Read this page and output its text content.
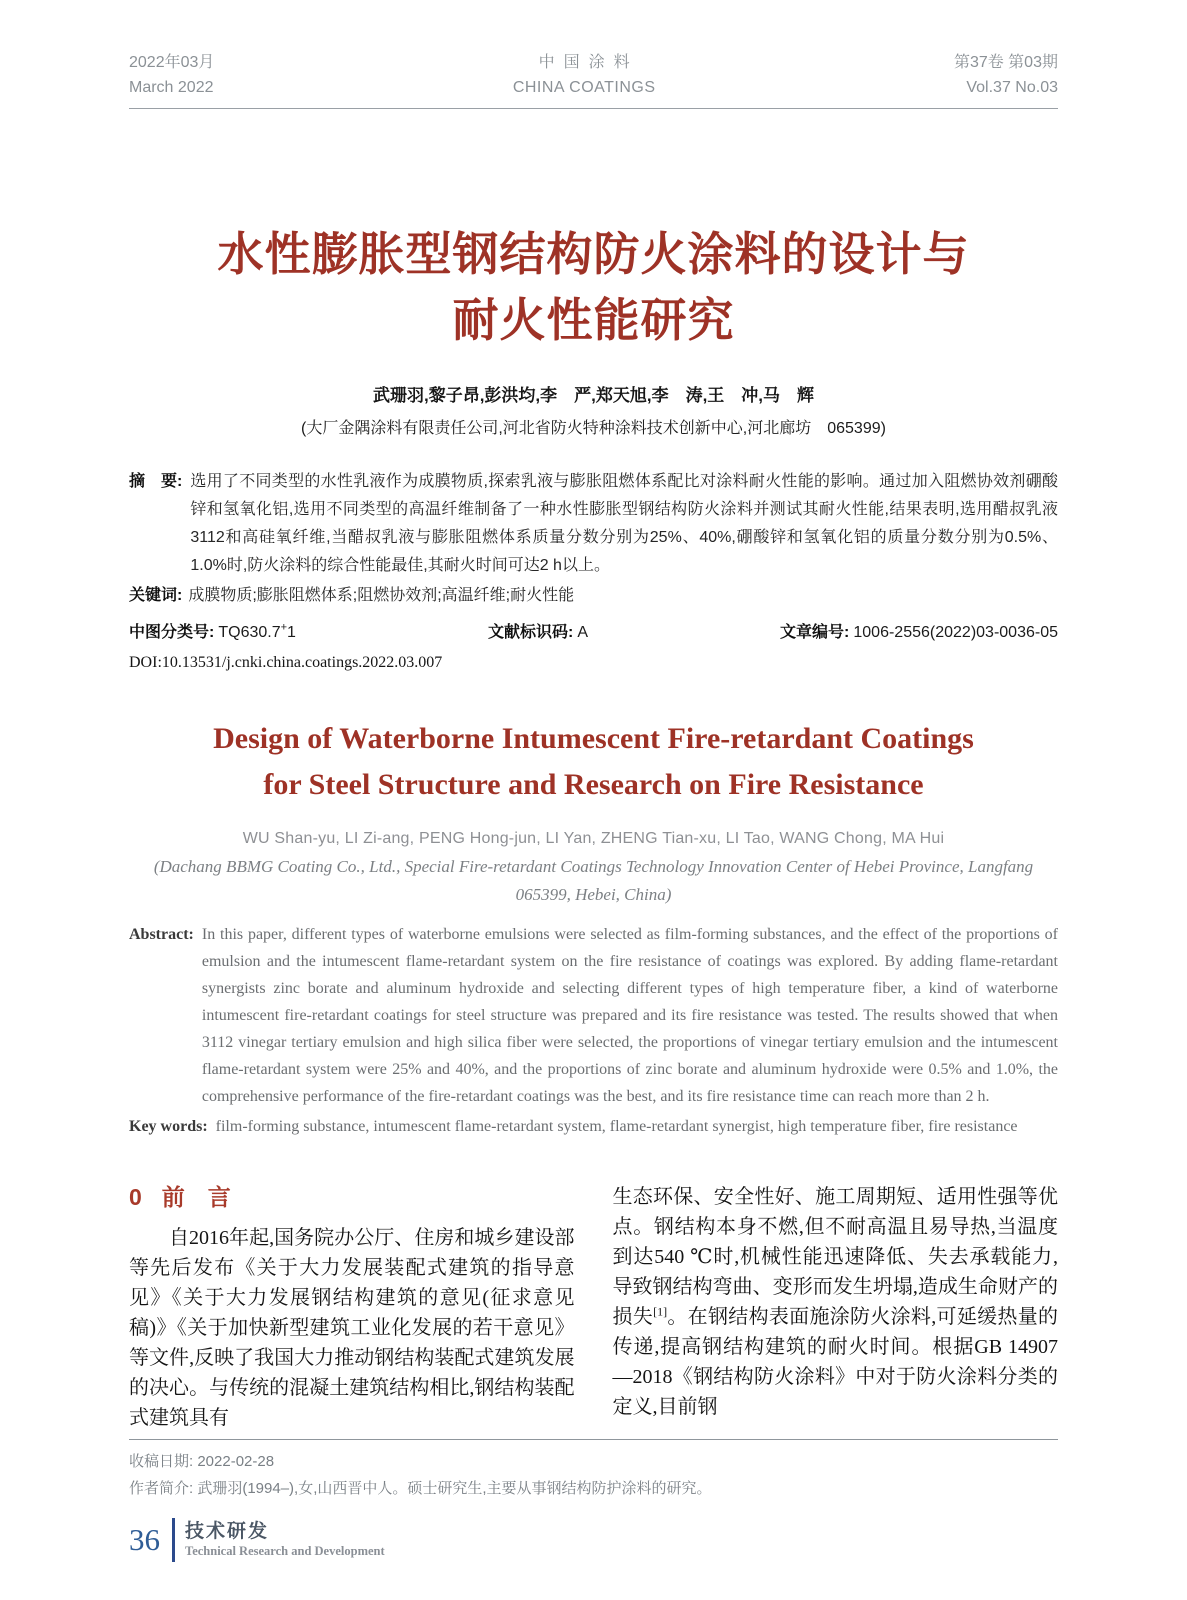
2022年03月
March 2022
中国涂料
CHINA COATINGS
第37卷 第03期
Vol.37 No.03
水性膨胀型钢结构防火涂料的设计与
耐火性能研究
武珊羽,黎子昂,彭洪均,李　严,郑天旭,李　涛,王　冲,马　辉
(大厂金隅涂料有限责任公司,河北省防火特种涂料技术创新中心,河北廊坊　065399)
摘　要: 选用了不同类型的水性乳液作为成膜物质,探索乳液与膨胀阻燃体系配比对涂料耐火性能的影响。通过加入阻燃协效剂硼酸锌和氢氧化铝,选用不同类型的高温纤维制备了一种水性膨胀型钢结构防火涂料并测试其耐火性能,结果表明,选用醋叔乳液3112和高硅氧纤维,当醋叔乳液与膨胀阻燃体系质量分数分别为25%、40%,硼酸锌和氢氧化铝的质量分数分别为0.5%、1.0%时,防火涂料的综合性能最佳,其耐火时间可达2 h以上。
关键词: 成膜物质;膨胀阻燃体系;阻燃协效剂;高温纤维;耐火性能
中图分类号: TQ630.7+1	文献标识码: A	文章编号: 1006-2556(2022)03-0036-05
DOI:10.13531/j.cnki.china.coatings.2022.03.007
Design of Waterborne Intumescent Fire-retardant Coatings
for Steel Structure and Research on Fire Resistance
WU Shan-yu, LI Zi-ang, PENG Hong-jun, LI Yan, ZHENG Tian-xu, LI Tao, WANG Chong, MA Hui
(Dachang BBMG Coating Co., Ltd., Special Fire-retardant Coatings Technology Innovation Center of Hebei Province, Langfang 065399, Hebei, China)
Abstract: In this paper, different types of waterborne emulsions were selected as film-forming substances, and the effect of the proportions of emulsion and the intumescent flame-retardant system on the fire resistance of coatings was explored. By adding flame-retardant synergists zinc borate and aluminum hydroxide and selecting different types of high temperature fiber, a kind of waterborne intumescent fire-retardant coatings for steel structure was prepared and its fire resistance was tested. The results showed that when 3112 vinegar tertiary emulsion and high silica fiber were selected, the proportions of vinegar tertiary emulsion and the intumescent flame-retardant system were 25% and 40%, and the proportions of zinc borate and aluminum hydroxide were 0.5% and 1.0%, the comprehensive performance of the fire-retardant coatings was the best, and its fire resistance time can reach more than 2 h.
Key words: film-forming substance, intumescent flame-retardant system, flame-retardant synergist, high temperature fiber, fire resistance
0 前　言

自2016年起,国务院办公厅、住房和城乡建设部等先后发布《关于大力发展装配式建筑的指导意见》《关于大力发展钢结构建筑的意见(征求意见稿)》《关于加快新型建筑工业化发展的若干意见》等文件,反映了我国大力推动钢结构装配式建筑发展的决心。与传统的混凝土建筑结构相比,钢结构装配式建筑具有

生态环保、安全性好、施工周期短、适用性强等优点。钢结构本身不燃,但不耐高温且易导热,当温度到达540 ℃时,机械性能迅速降低、失去承载能力,导致钢结构弯曲、变形而发生坍塌,造成生命财产的损失[1]。在钢结构表面施涂防火涂料,可延缓热量的传递,提高钢结构建筑的耐火时间。根据GB 14907—2018《钢结构防火涂料》中对于防火涂料分类的定义,目前钢

收稿日期: 2022-02-28
作者简介: 武珊羽(1994–),女,山西晋中人。硕士研究生,主要从事钢结构防护涂料的研究。
36 技术研发
Technical Research and Development
